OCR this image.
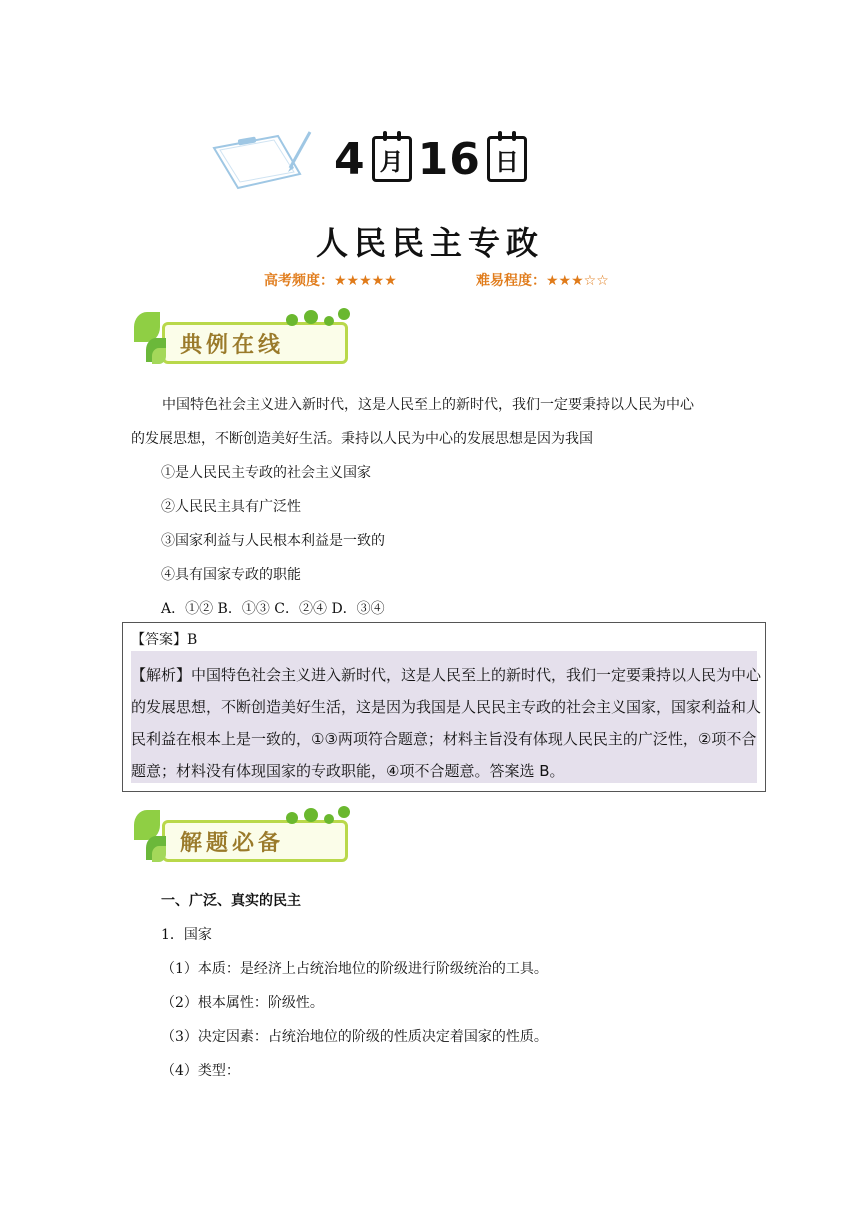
4 月 16 日
人民民主专政
高考频度：★★★★★	难易程度：★★★☆☆
典例在线
中国特色社会主义进入新时代，这是人民至上的新时代，我们一定要秉持以人民为中心
的发展思想，不断创造美好生活。秉持以人民为中心的发展思想是因为我国
①是人民民主专政的社会主义国家
②人民民主具有广泛性
③国家利益与人民根本利益是一致的
④具有国家专政的职能
A．①② B．①③ C．②④ D．③④
【答案】B
【解析】中国特色社会主义进入新时代，这是人民至上的新时代，我们一定要秉持以人民为中心
的发展思想，不断创造美好生活，这是因为我国是人民民主专政的社会主义国家，国家利益和人
民利益在根本上是一致的，①③两项符合题意；材料主旨没有体现人民民主的广泛性，②项不合
题意；材料没有体现国家的专政职能，④项不合题意。答案选 B。
解题必备
一、广泛、真实的民主
1．国家
（1）本质：是经济上占统治地位的阶级进行阶级统治的工具。
（2）根本属性：阶级性。
（3）决定因素：占统治地位的阶级的性质决定着国家的性质。
（4）类型：
